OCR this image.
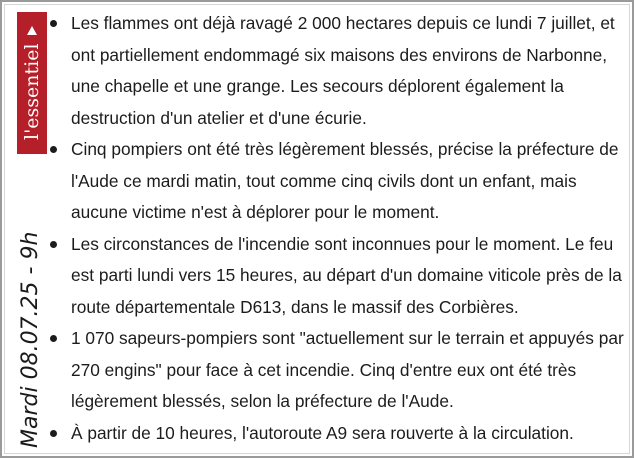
l'essentiel
Mardi 08.07.25 - 9h
Les flammes ont déjà ravagé 2 000 hectares depuis ce lundi 7 juillet, et ont partiellement endommagé six maisons des environs de Narbonne, une chapelle et une grange. Les secours déplorent également la destruction d'un atelier et d'une écurie.
Cinq pompiers ont été très légèrement blessés, précise la préfecture de l'Aude ce mardi matin, tout comme cinq civils dont un enfant, mais aucune victime n'est à déplorer pour le moment.
Les circonstances de l'incendie sont inconnues pour le moment. Le feu est parti lundi vers 15 heures, au départ d'un domaine viticole près de la route départementale D613, dans le massif des Corbières.
1 070 sapeurs-pompiers sont "actuellement sur le terrain et appuyés par 270 engins" pour face à cet incendie. Cinq d'entre eux ont été très légèrement blessés, selon la préfecture de l'Aude.
À partir de 10 heures, l'autoroute A9 sera rouverte à la circulation.
